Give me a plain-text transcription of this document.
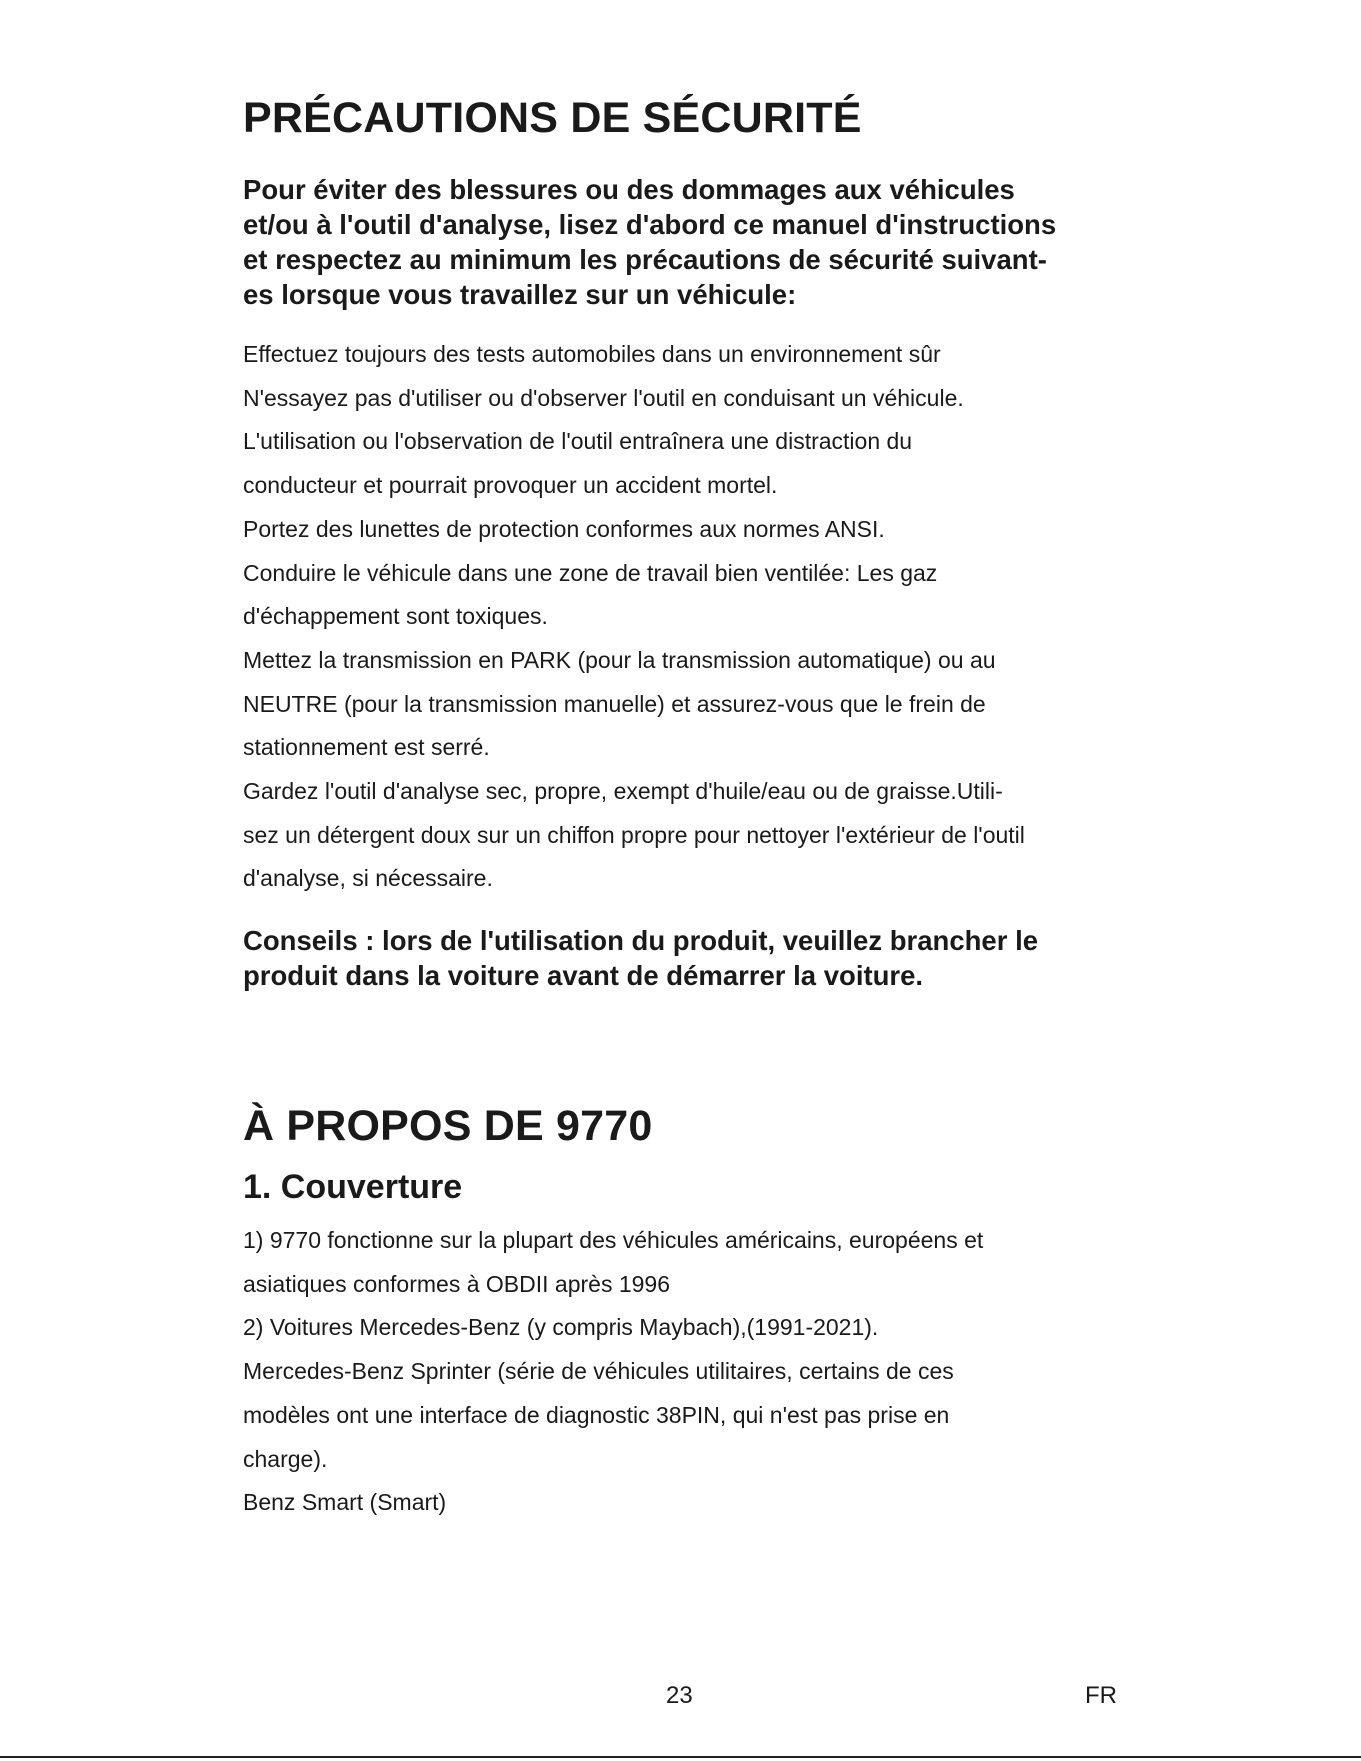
PRÉCAUTIONS DE SÉCURITÉ
Pour éviter des blessures ou des dommages aux véhicules
et/ou à l'outil d'analyse, lisez d'abord ce manuel d'instructions
et respectez au minimum les précautions de sécurité suivant-
es lorsque vous travaillez sur un véhicule:
Effectuez toujours des tests automobiles dans un environnement sûr
N'essayez pas d'utiliser ou d'observer l'outil en conduisant un véhicule.
L'utilisation ou l'observation de l'outil entraînera une distraction du
conducteur et pourrait provoquer un accident mortel.
Portez des lunettes de protection conformes aux normes ANSI.
Conduire le véhicule dans une zone de travail bien ventilée: Les gaz
d'échappement sont toxiques.
Mettez la transmission en PARK (pour la transmission automatique) ou au
NEUTRE (pour la transmission manuelle) et assurez-vous que le frein de
stationnement est serré.
Gardez l'outil d'analyse sec, propre, exempt d'huile/eau ou de graisse.Utili-
sez un détergent doux sur un chiffon propre pour nettoyer l'extérieur de l'outil
d'analyse, si nécessaire.
Conseils : lors de l'utilisation du produit, veuillez brancher le
produit dans la voiture avant de démarrer la voiture.
À PROPOS DE 9770
1. Couverture
1) 9770 fonctionne sur la plupart des véhicules américains, européens et
asiatiques conformes à OBDII après 1996
2) Voitures Mercedes-Benz (y compris Maybach),(1991-2021).
Mercedes-Benz Sprinter (série de véhicules utilitaires, certains de ces
modèles ont une interface de diagnostic 38PIN, qui n'est pas prise en
charge).
Benz Smart (Smart)
23	FR
